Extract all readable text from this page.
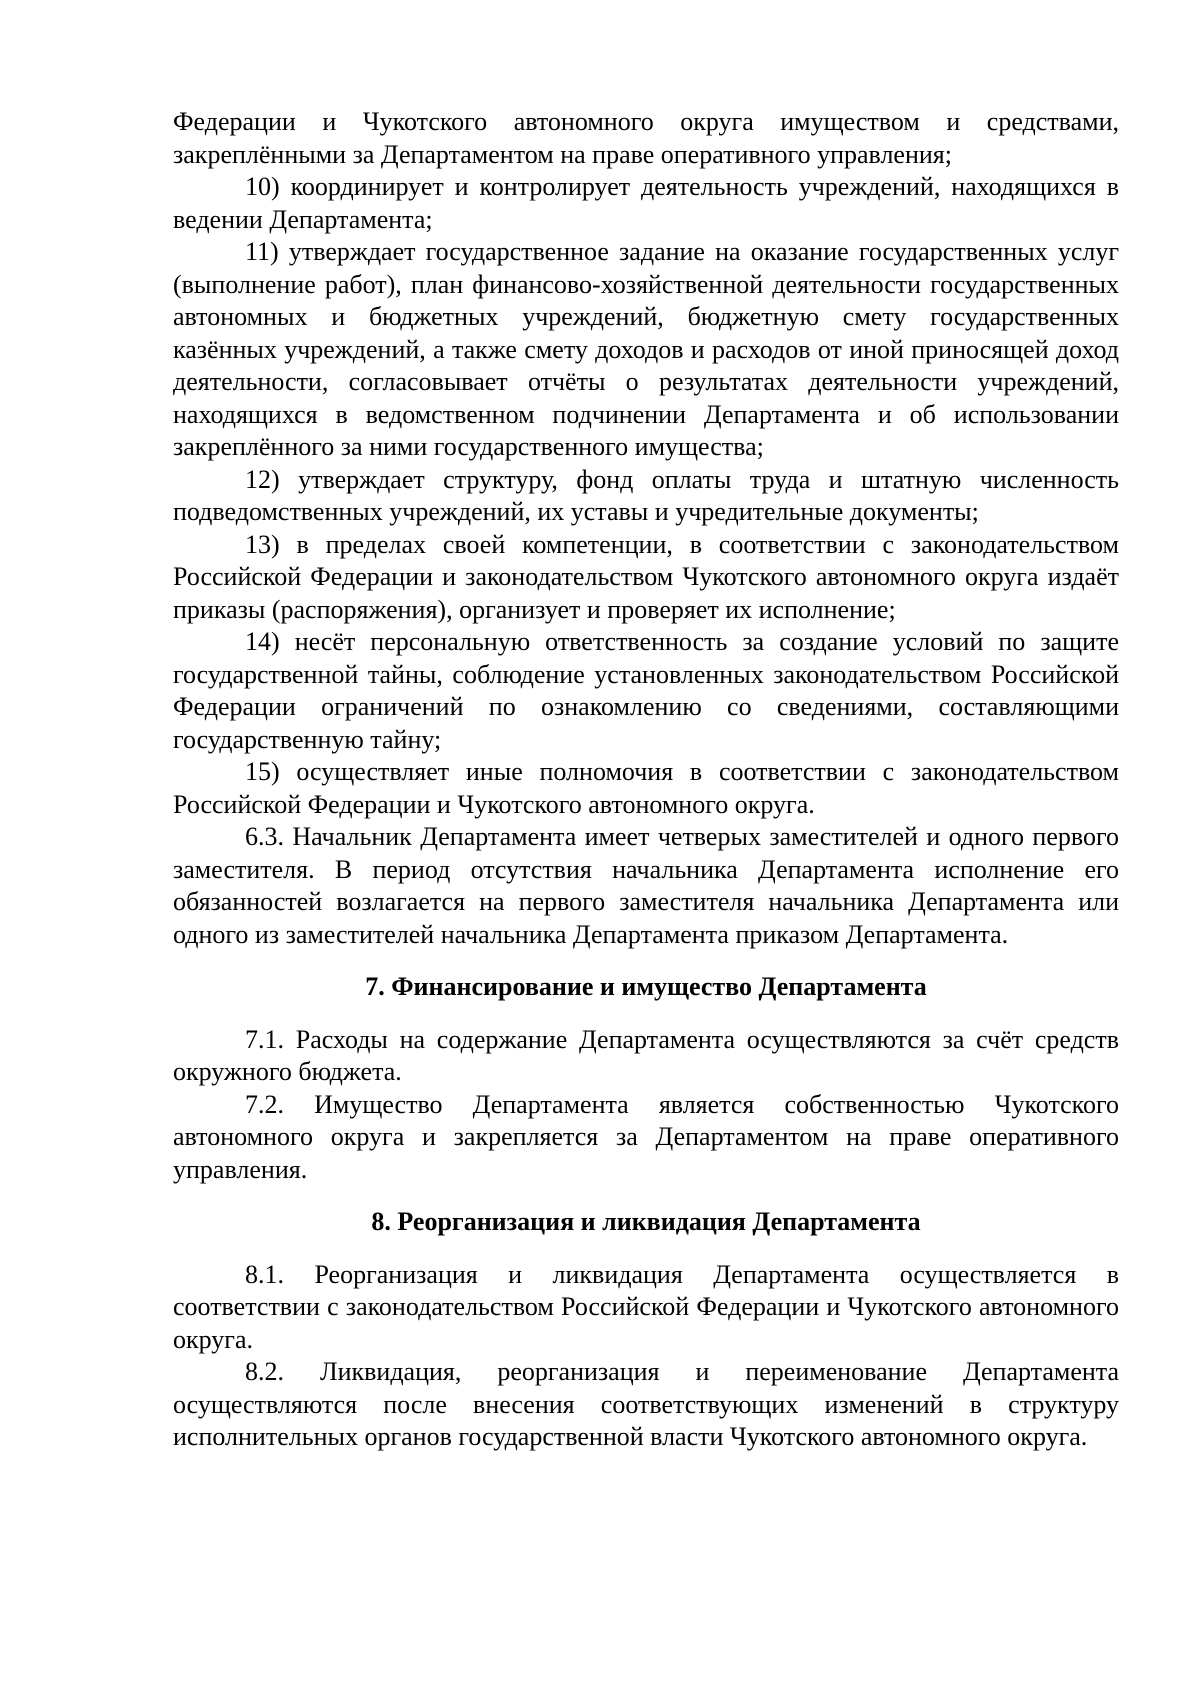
Федерации и Чукотского автономного округа имуществом и средствами, закреплёнными за Департаментом на праве оперативного управления;

10) координирует и контролирует деятельность учреждений, находящихся в ведении Департамента;

11) утверждает государственное задание на оказание государственных услуг (выполнение работ), план финансово-хозяйственной деятельности государственных автономных и бюджетных учреждений, бюджетную смету государственных казённых учреждений, а также смету доходов и расходов от иной приносящей доход деятельности, согласовывает отчёты о результатах деятельности учреждений, находящихся в ведомственном подчинении Департамента и об использовании закреплённого за ними государственного имущества;

12) утверждает структуру, фонд оплаты труда и штатную численность подведомственных учреждений, их уставы и учредительные документы;

13) в пределах своей компетенции, в соответствии с законодательством Российской Федерации и законодательством Чукотского автономного округа издаёт приказы (распоряжения), организует и проверяет их исполнение;

14) несёт персональную ответственность за создание условий по защите государственной тайны, соблюдение установленных законодательством Российской Федерации ограничений по ознакомлению со сведениями, составляющими государственную тайну;

15) осуществляет иные полномочия в соответствии с законодательством Российской Федерации и Чукотского автономного округа.

6.3. Начальник Департамента имеет четверых заместителей и одного первого заместителя. В период отсутствия начальника Департамента исполнение его обязанностей возлагается на первого заместителя начальника Департамента или одного из заместителей начальника Департамента приказом Департамента.

7. Финансирование и имущество Департамента

7.1. Расходы на содержание Департамента осуществляются за счёт средств окружного бюджета.

7.2. Имущество Департамента является собственностью Чукотского автономного округа и закрепляется за Департаментом на праве оперативного управления.

8. Реорганизация и ликвидация Департамента

8.1. Реорганизация и ликвидация Департамента осуществляется в соответствии с законодательством Российской Федерации и Чукотского автономного округа.

8.2. Ликвидация, реорганизация и переименование Департамента осуществляются после внесения соответствующих изменений в структуру исполнительных органов государственной власти Чукотского автономного округа.
